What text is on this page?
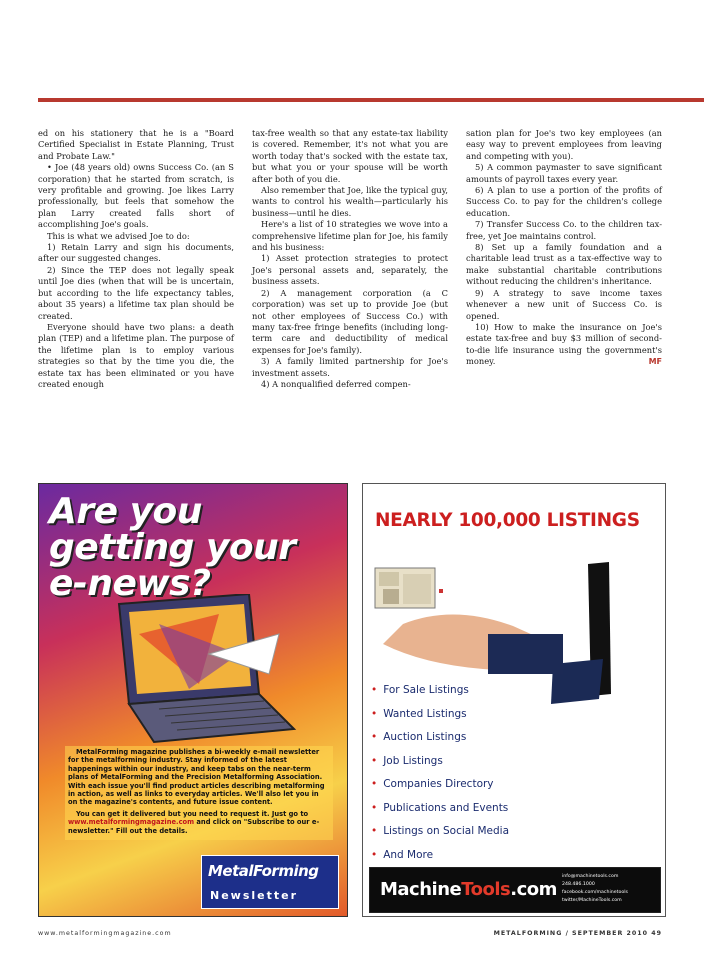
ed on his stationery that he is a "Board Certified Specialist in Estate Planning, Trust and Probate Law."

• Joe (48 years old) owns Success Co. (an S corporation) that he started from scratch, is very profitable and growing. Joe likes Larry professionally, but feels that somehow the plan Larry created falls short of accomplishing Joe's goals.

This is what we advised Joe to do:

1) Retain Larry and sign his documents, after our suggested changes.

2) Since the TEP does not legally speak until Joe dies (when that will be is uncertain, but according to the life expectancy tables, about 35 years) a lifetime tax plan should be created.

Everyone should have two plans: a death plan (TEP) and a lifetime plan. The purpose of the lifetime plan is to employ various strategies so that by the time you die, the estate tax has been eliminated or you have created enough

tax-free wealth so that any estate-tax liability is covered. Remember, it's not what you are worth today that's socked with the estate tax, but what you or your spouse will be worth after both of you die.

Also remember that Joe, like the typical guy, wants to control his wealth—particularly his business—until he dies.

Here's a list of 10 strategies we wove into a comprehensive lifetime plan for Joe, his family and his business:

1) Asset protection strategies to protect Joe's personal assets and, separately, the business assets.

2) A management corporation (a C corporation) was set up to provide Joe (but not other employees of Success Co.) with many tax-free fringe benefits (including long-term care and deductibility of medical expenses for Joe's family).

3) A family limited partnership for Joe's investment assets.

4) A nonqualified deferred compen-

sation plan for Joe's two key employees (an easy way to prevent employees from leaving and competing with you).

5) A common paymaster to save significant amounts of payroll taxes every year.

6) A plan to use a portion of the profits of Success Co. to pay for the children's college education.

7) Transfer Success Co. to the children tax-free, yet Joe maintains control.

8) Set up a family foundation and a charitable lead trust as a tax-effective way to make substantial charitable contributions without reducing the children's inheritance.

9) A strategy to save income taxes whenever a new unit of Success Co. is opened.

10) How to make the insurance on Joe's estate tax-free and buy $3 million of second-to-die life insurance using the government's money.	MF

Are you getting your e-news?

MetalForming magazine publishes a bi-weekly e-mail newsletter for the metalforming industry. Stay informed of the latest happenings within our industry, and keep tabs on the near-term plans of MetalForming and the Precision Metalforming Association. With each issue you'll find product articles describing metalforming in action, as well as links to everyday articles. We'll also let you in on the magazine's contents, and future issue content.

You can get it delivered but you need to request it. Just go to www.metalformingmagazine.com and click on "Subscribe to our e-newsletter." Fill out the details.

MetalForming
Newsletter
NEARLY 100,000 LISTINGS
• For Sale Listings
• Wanted Listings
• Auction Listings
• Job Listings
• Companies Directory
• Publications and Events
• Listings on Social Media
• And More
MachineTools.com
info@machinetools.com
248.486.1000
facebook.com/machinetools
twitter/MachineTools.com
www.metalformingmagazine.com	METALFORMING / SEPTEMBER 2010 49
